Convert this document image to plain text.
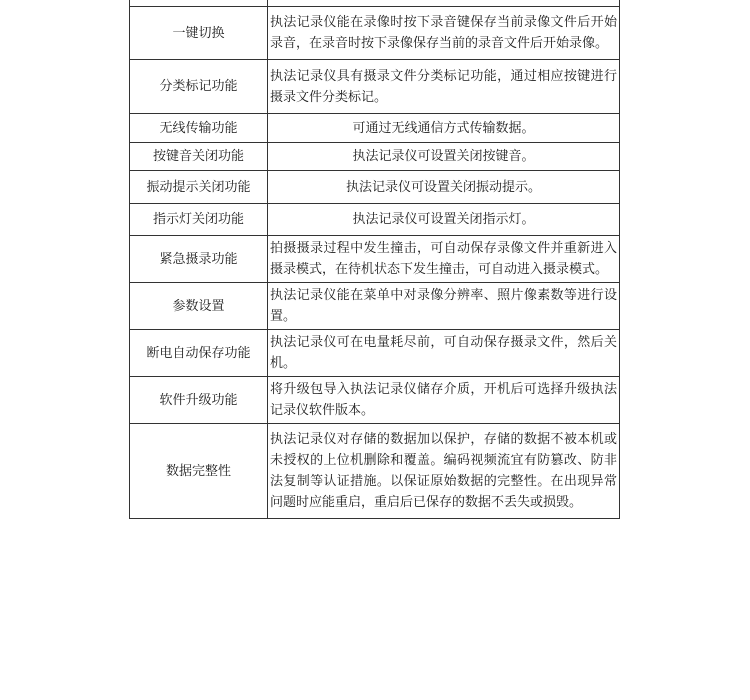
一键切换	执法记录仪能在录像时按下录音键保存当前录像文件后开始录音，在录音时按下录像保存当前的录音文件后开始录像。
分类标记功能	执法记录仪具有摄录文件分类标记功能，通过相应按键进行摄录文件分类标记。
无线传输功能	可通过无线通信方式传输数据。
按键音关闭功能	执法记录仪可设置关闭按键音。
振动提示关闭功能	执法记录仪可设置关闭振动提示。
指示灯关闭功能	执法记录仪可设置关闭指示灯。
紧急摄录功能	拍摄摄录过程中发生撞击，可自动保存录像文件并重新进入摄录模式，在待机状态下发生撞击，可自动进入摄录模式。
参数设置	执法记录仪能在菜单中对录像分辨率、照片像素数等进行设置。
断电自动保存功能	执法记录仪可在电量耗尽前，可自动保存摄录文件，然后关机。
软件升级功能	将升级包导入执法记录仪储存介质，开机后可选择升级执法记录仪软件版本。
数据完整性	执法记录仪对存储的数据加以保护，存储的数据不被本机或未授权的上位机删除和覆盖。编码视频流宜有防篡改、防非法复制等认证措施。以保证原始数据的完整性。在出现异常问题时应能重启，重启后已保存的数据不丢失或损毁。
